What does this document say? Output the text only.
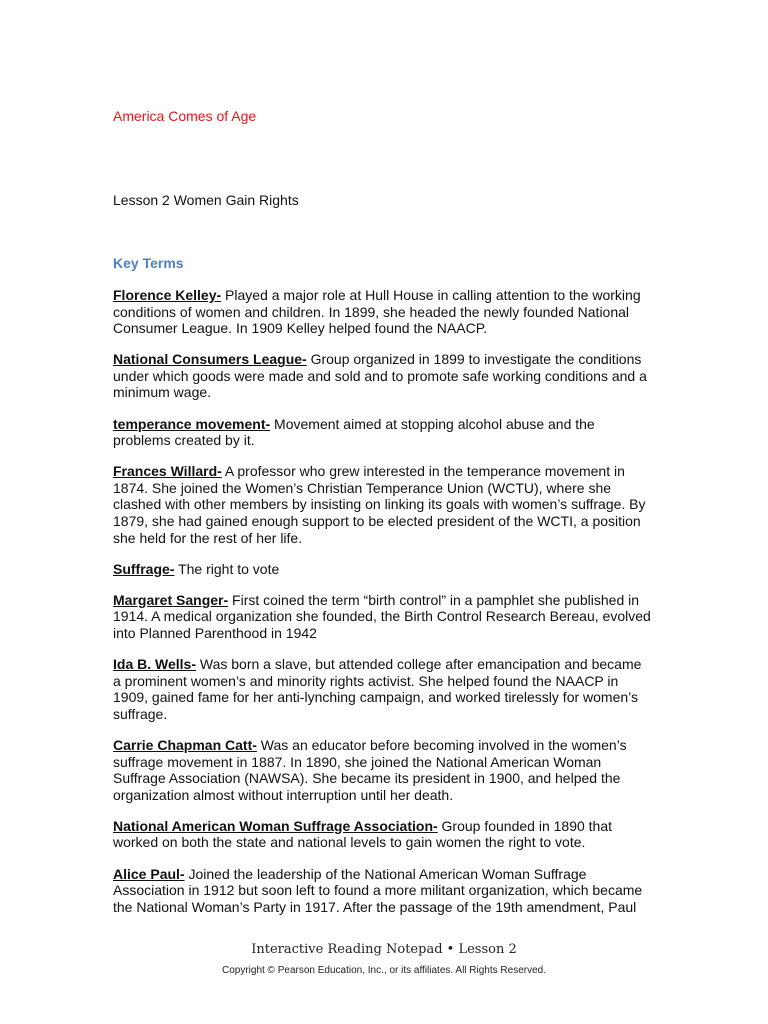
America Comes of Age
Lesson 2 Women Gain Rights
Key Terms

Florence Kelley- Played a major role at Hull House in calling attention to the working conditions of women and children. In 1899, she headed the newly founded National Consumer League. In 1909 Kelley helped found the NAACP.

National Consumers League- Group organized in 1899 to investigate the conditions under which goods were made and sold and to promote safe working conditions and a minimum wage.

temperance movement- Movement aimed at stopping alcohol abuse and the problems created by it.

Frances Willard- A professor who grew interested in the temperance movement in 1874. She joined the Women’s Christian Temperance Union (WCTU), where she clashed with other members by insisting on linking its goals with women’s suffrage. By 1879, she had gained enough support to be elected president of the WCTI, a position she held for the rest of her life.

Suffrage- The right to vote

Margaret Sanger- First coined the term “birth control” in a pamphlet she published in 1914. A medical organization she founded, the Birth Control Research Bereau, evolved into Planned Parenthood in 1942

Ida B. Wells- Was born a slave, but attended college after emancipation and became a prominent women’s and minority rights activist. She helped found the NAACP in 1909, gained fame for her anti-lynching campaign, and worked tirelessly for women’s suffrage.

Carrie Chapman Catt- Was an educator before becoming involved in the women’s suffrage movement in 1887. In 1890, she joined the National American Woman Suffrage Association (NAWSA). She became its president in 1900, and helped the organization almost without interruption until her death.

National American Woman Suffrage Association- Group founded in 1890 that worked on both the state and national levels to gain women the right to vote.

Alice Paul- Joined the leadership of the National American Woman Suffrage Association in 1912 but soon left to found a more militant organization, which became the National Woman’s Party in 1917. After the passage of the 19th amendment, Paul

Interactive Reading Notepad • Lesson 2
Copyright © Pearson Education, Inc., or its affiliates. All Rights Reserved.
